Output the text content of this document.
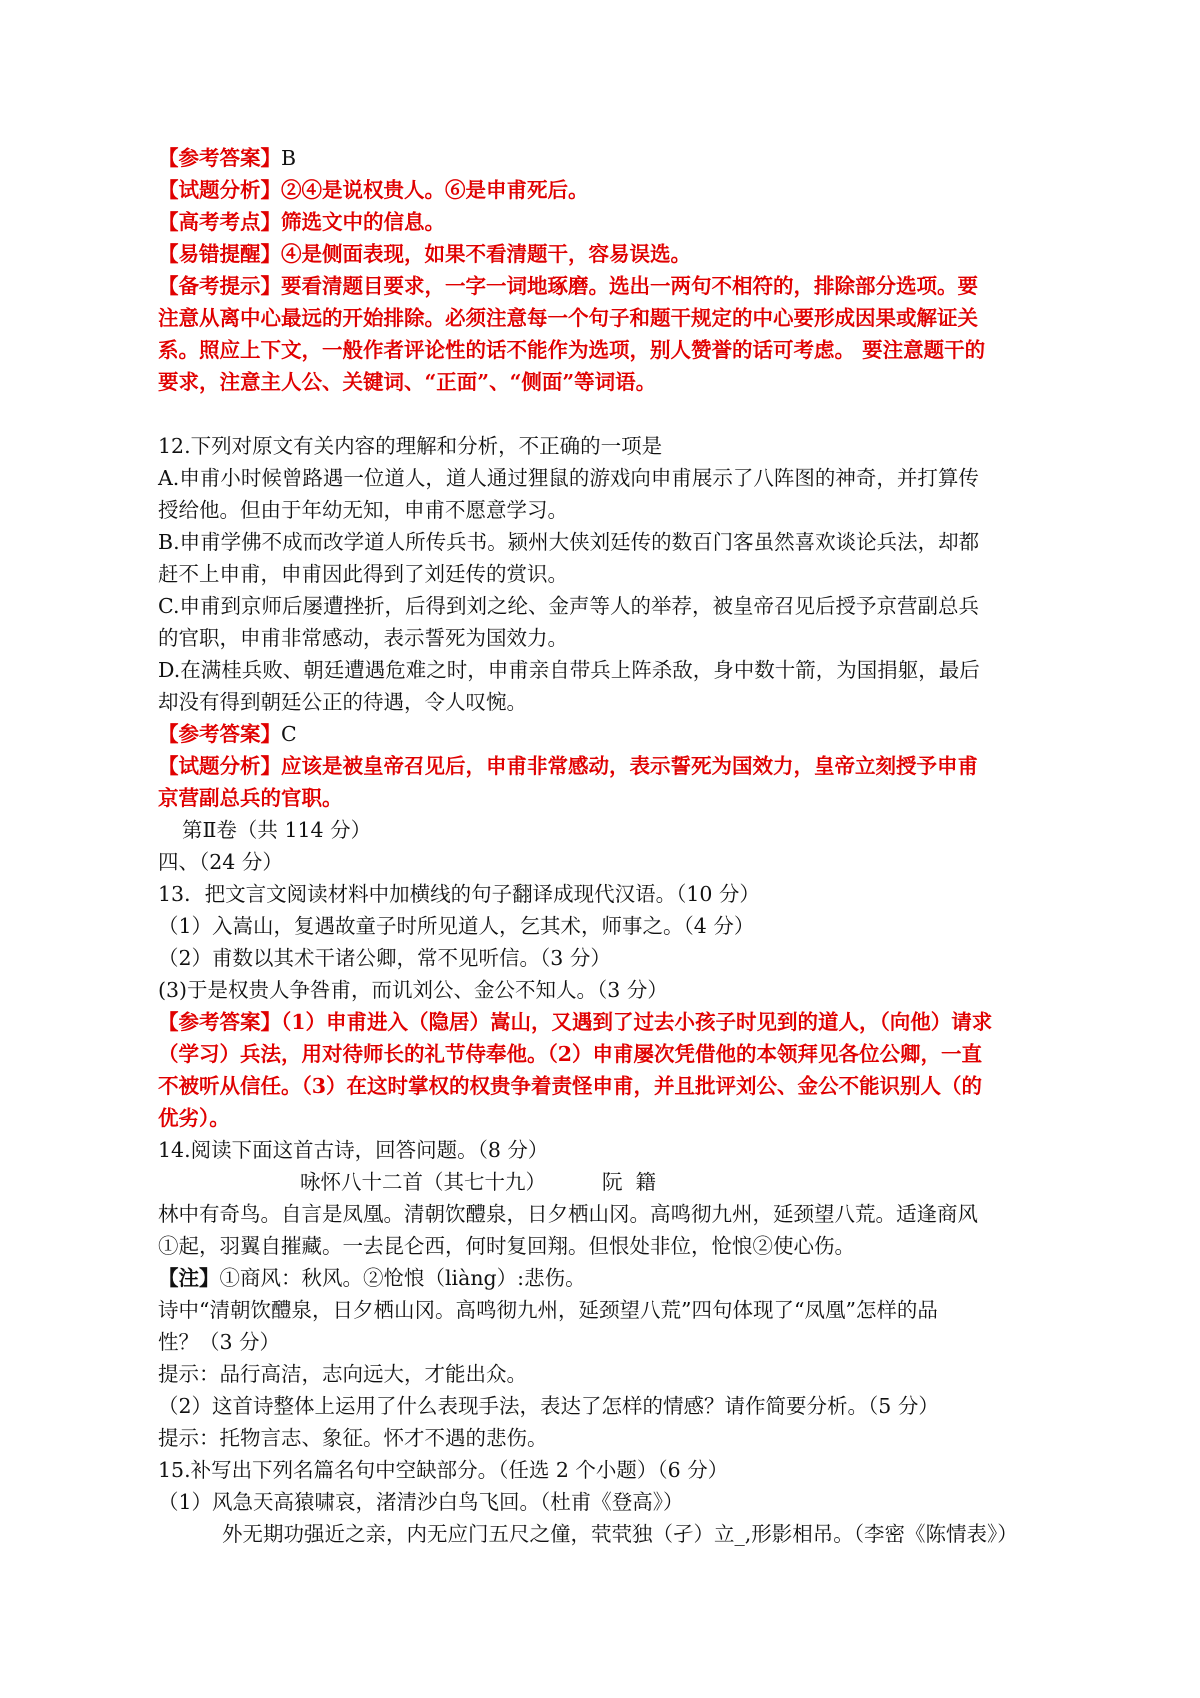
【参考答案】B
【试题分析】②④是说权贵人。⑥是申甫死后。
【高考考点】筛选文中的信息。
【易错提醒】④是侧面表现，如果不看清题干，容易误选。
【备考提示】要看清题目要求，一字一词地琢磨。选出一两句不相符的，排除部分选项。要
注意从离中心最远的开始排除。必须注意每一个句子和题干规定的中心要形成因果或解证关
系。照应上下文，一般作者评论性的话不能作为选项，别人赞誉的话可考虑。 要注意题干的
要求，注意主人公、关键词、“正面”、“侧面”等词语。
12.下列对原文有关内容的理解和分析，不正确的一项是
A.申甫小时候曾路遇一位道人，道人通过狸鼠的游戏向申甫展示了八阵图的神奇，并打算传
授给他。但由于年幼无知，申甫不愿意学习。
B.申甫学佛不成而改学道人所传兵书。颍州大侠刘廷传的数百门客虽然喜欢谈论兵法，却都
赶不上申甫，申甫因此得到了刘廷传的赏识。
C.申甫到京师后屡遭挫折，后得到刘之纶、金声等人的举荐，被皇帝召见后授予京营副总兵
的官职，申甫非常感动，表示誓死为国效力。
D.在满桂兵败、朝廷遭遇危难之时，申甫亲自带兵上阵杀敌，身中数十箭，为国捐躯，最后
却没有得到朝廷公正的待遇，令人叹惋。
【参考答案】C
【试题分析】应该是被皇帝召见后，申甫非常感动，表示誓死为国效力，皇帝立刻授予申甫
京营副总兵的官职。
第Ⅱ卷（共 114 分）
四、（24 分）
13．把文言文阅读材料中加横线的句子翻译成现代汉语。（10 分）
（1）入嵩山，复遇故童子时所见道人，乞其术，师事之。（4 分）
（2）甫数以其术干诸公卿，常不见听信。（3 分）
(3)于是权贵人争咎甫，而讥刘公、金公不知人。（3 分）
【参考答案】（1）申甫进入（隐居）嵩山，又遇到了过去小孩子时见到的道人，（向他）请求
（学习）兵法，用对待师长的礼节侍奉他。（2）申甫屡次凭借他的本领拜见各位公卿，一直
不被听从信任。（3）在这时掌权的权贵争着责怪申甫，并且批评刘公、金公不能识别人（的
优劣）。
14.阅读下面这首古诗，回答问题。（8 分）
咏怀八十二首（其七十九）	阮  籍
林中有奇鸟。自言是凤凰。清朝饮醴泉，日夕栖山冈。高鸣彻九州，延颈望八荒。适逢商风
①起，羽翼自摧藏。一去昆仑西，何时复回翔。但恨处非位，怆悢②使心伤。
【注】①商风：秋风。②怆悢（liàng）:悲伤。
诗中“清朝饮醴泉，日夕栖山冈。高鸣彻九州，延颈望八荒”四句体现了“凤凰”怎样的品
性？（3 分）
提示：品行高洁，志向远大，才能出众。
（2）这首诗整体上运用了什么表现手法，表达了怎样的情感？请作简要分析。（5 分）
提示：托物言志、象征。怀才不遇的悲伤。
15.补写出下列名篇名句中空缺部分。（任选 2 个小题）（6 分）
（1）风急天高猿啸哀，渚清沙白鸟飞回。（杜甫《登高》）
外无期功强近之亲，内无应门五尺之僮，茕茕独（孑）立_,形影相吊。（李密《陈情表》）
